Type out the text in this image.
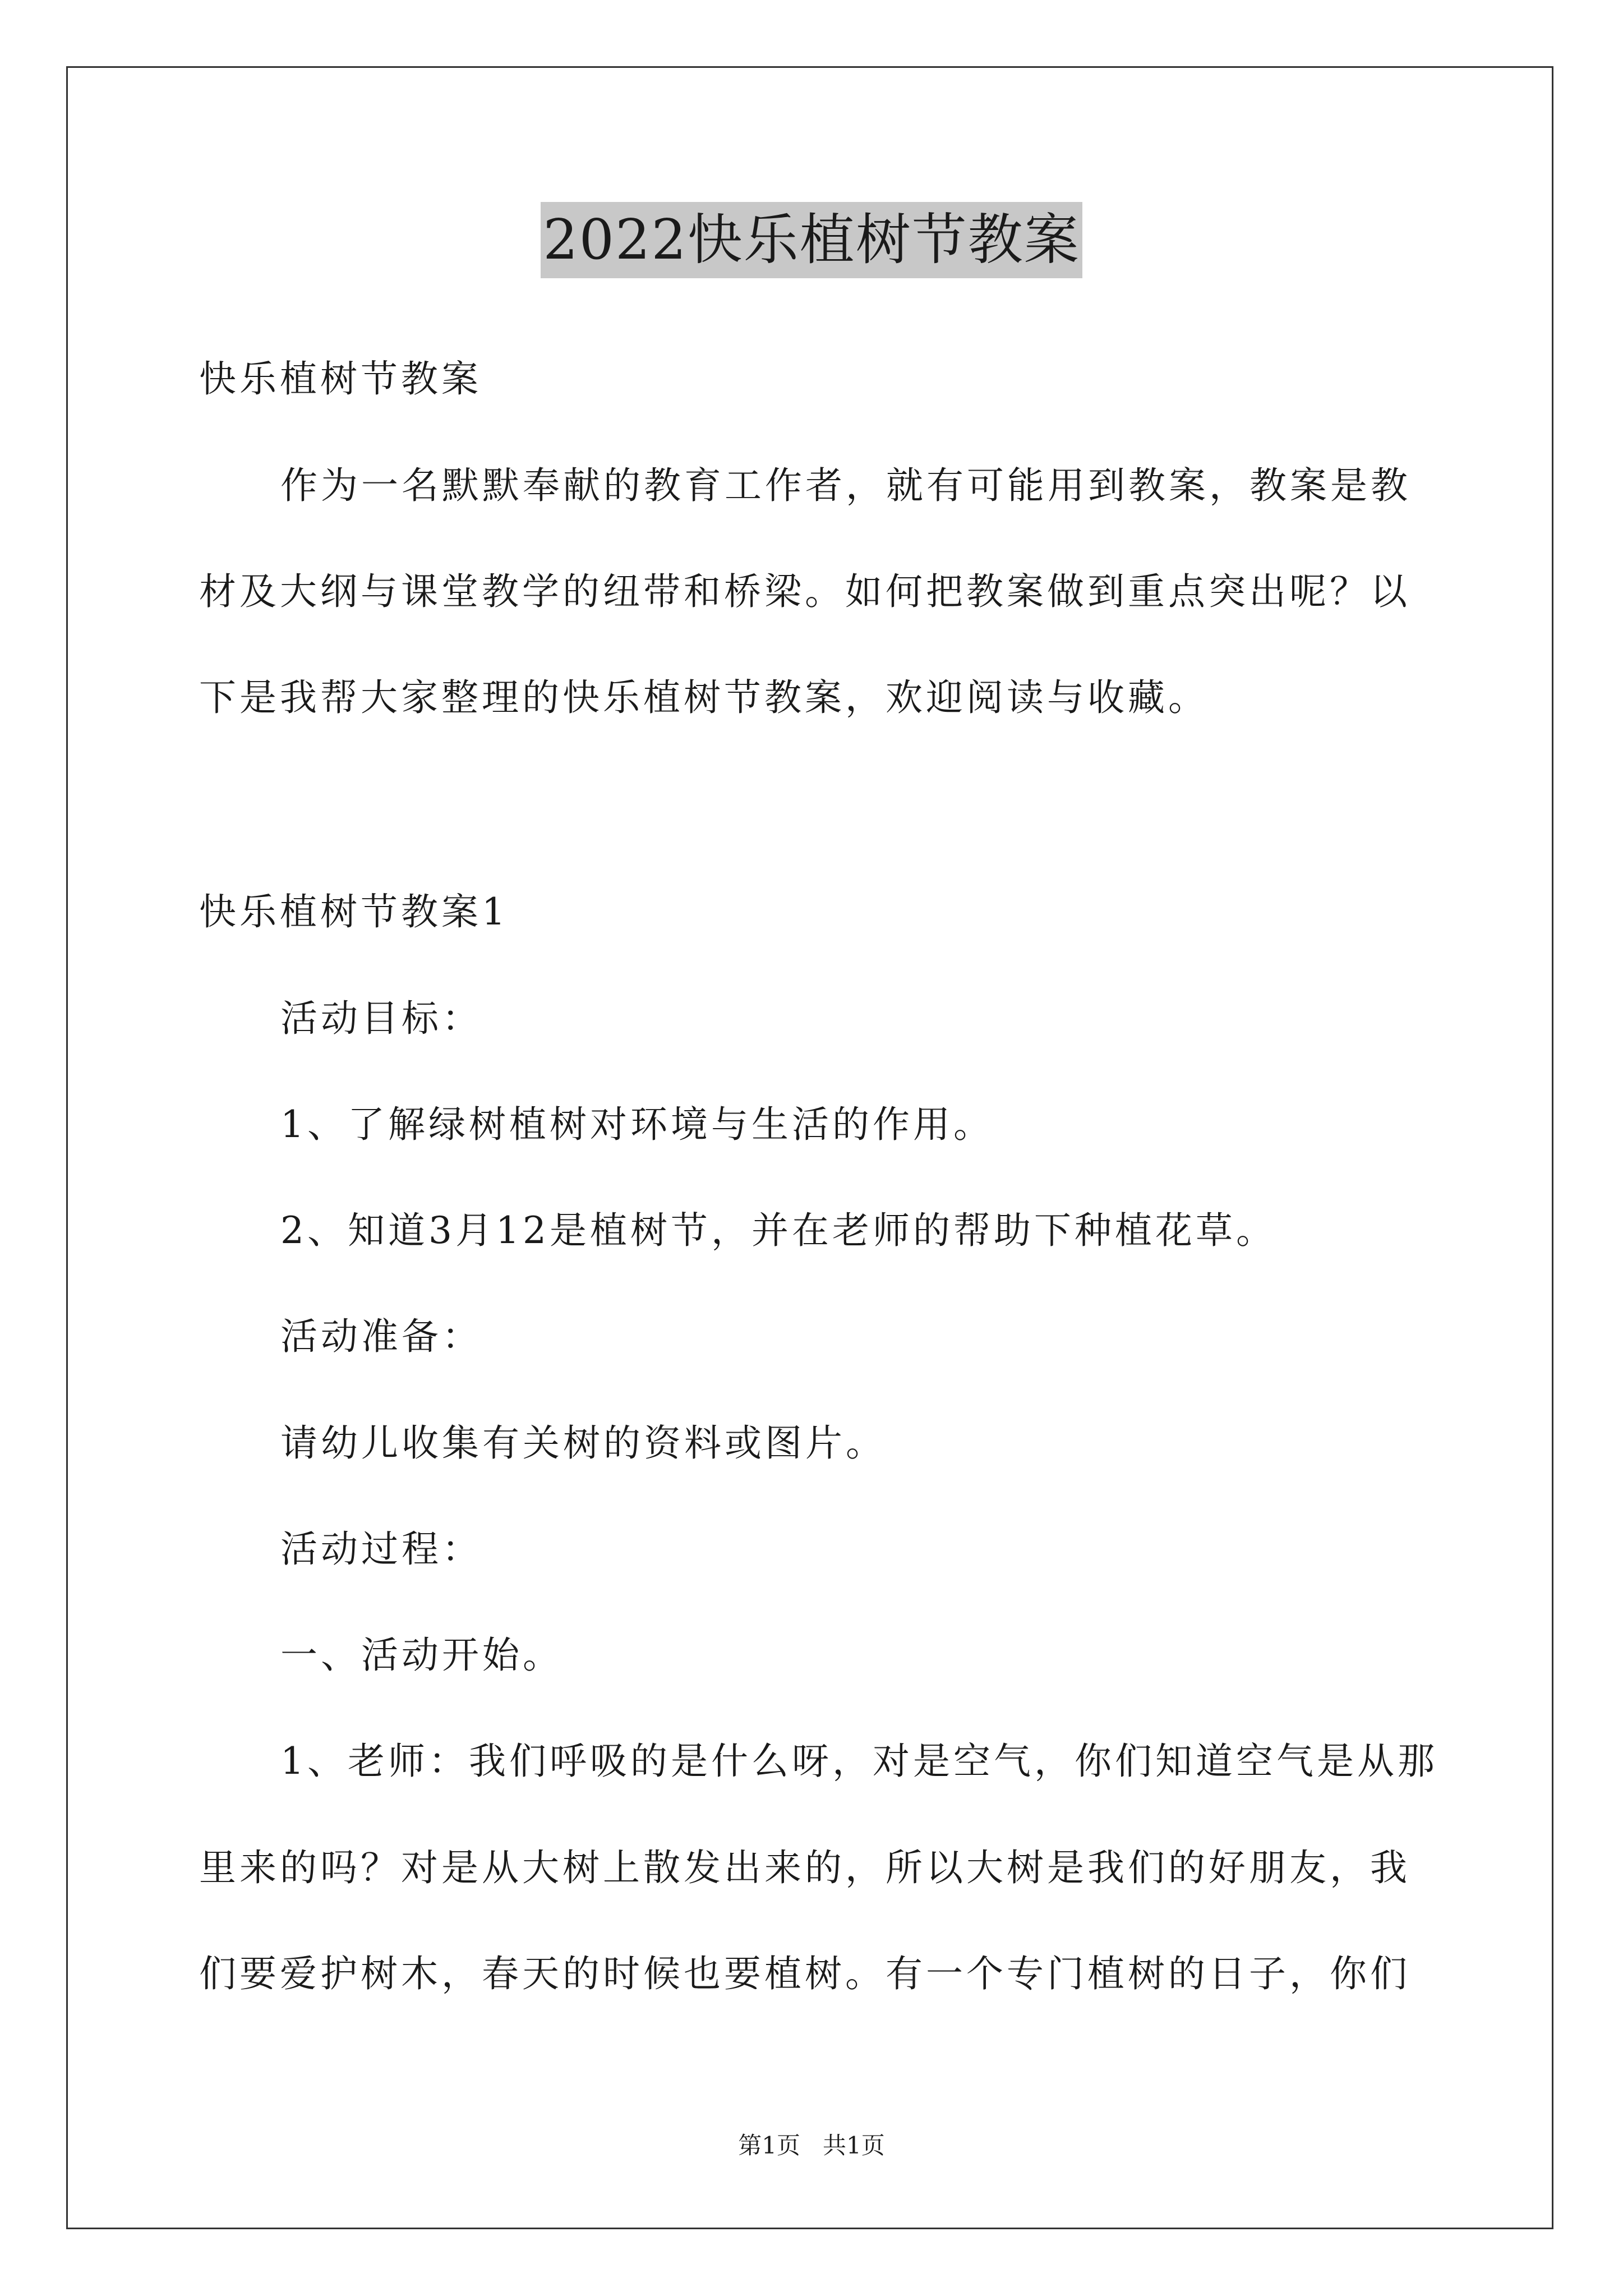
2022快乐植树节教案
快乐植树节教案
作为一名默默奉献的教育工作者，就有可能用到教案，教案是教
材及大纲与课堂教学的纽带和桥梁。如何把教案做到重点突出呢？以
下是我帮大家整理的快乐植树节教案，欢迎阅读与收藏。
快乐植树节教案1
活动目标：
1、了解绿树植树对环境与生活的作用。
2、知道3月12是植树节，并在老师的帮助下种植花草。
活动准备：
请幼儿收集有关树的资料或图片。
活动过程：
一、活动开始。
1、老师：我们呼吸的是什么呀，对是空气，你们知道空气是从那
里来的吗？对是从大树上散发出来的，所以大树是我们的好朋友，我
们要爱护树木，春天的时候也要植树。有一个专门植树的日子，你们
第1页   共1页
